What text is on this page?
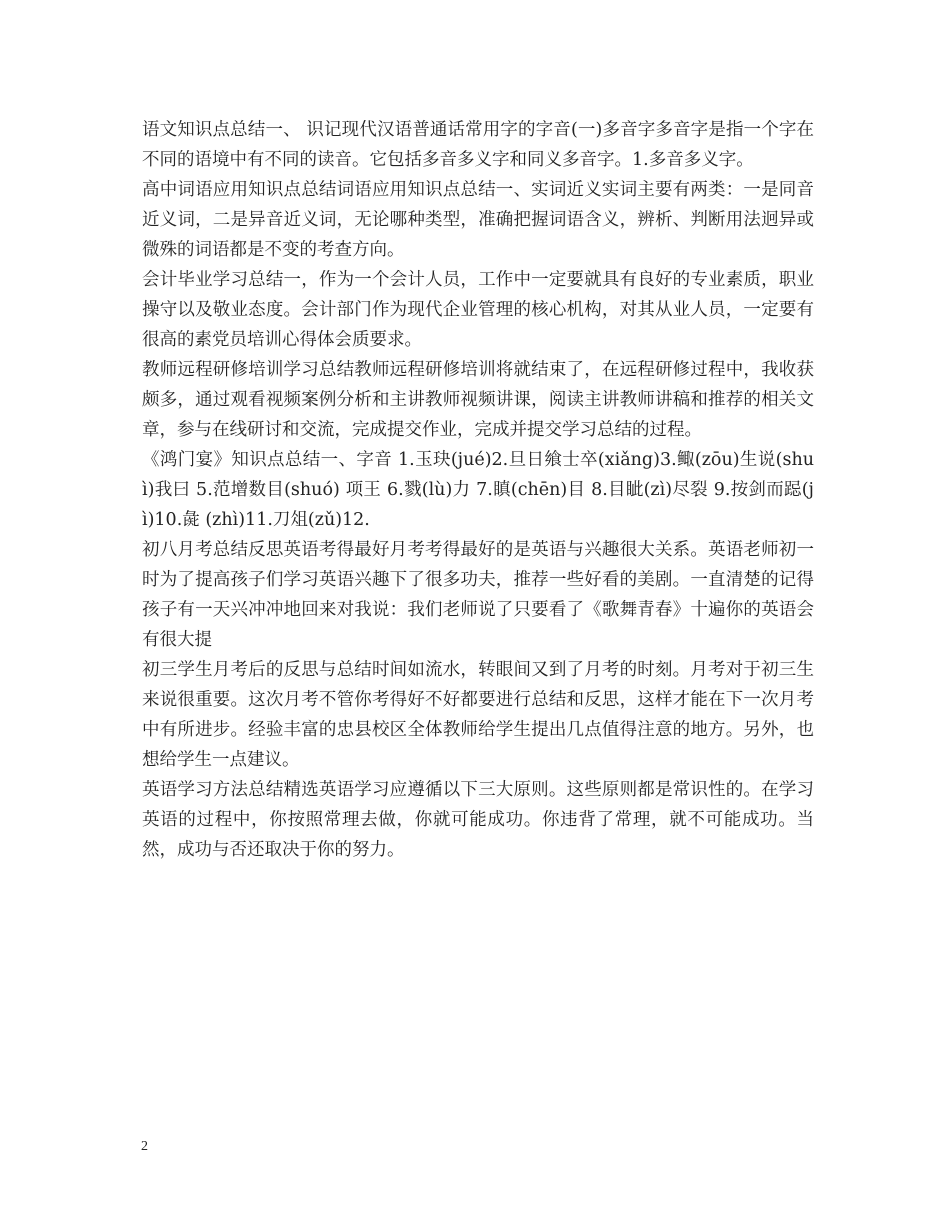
语文知识点总结一、 识记现代汉语普通话常用字的字音(一)多音字多音字是指一个字在不同的语境中有不同的读音。它包括多音多义字和同义多音字。1.多音多义字。

高中词语应用知识点总结词语应用知识点总结一、实词近义实词主要有两类：一是同音近义词，二是异音近义词，无论哪种类型，准确把握词语含义，辨析、判断用法迥异或微殊的词语都是不变的考查方向。

会计毕业学习总结一，作为一个会计人员，工作中一定要就具有良好的专业素质，职业操守以及敬业态度。会计部门作为现代企业管理的核心机构，对其从业人员，一定要有很高的素党员培训心得体会质要求。

教师远程研修培训学习总结教师远程研修培训将就结束了，在远程研修过程中，我收获颇多，通过观看视频案例分析和主讲教师视频讲课，阅读主讲教师讲稿和推荐的相关文章，参与在线研讨和交流，完成提交作业，完成并提交学习总结的过程。

《鸿门宴》知识点总结一、字音 1.玉玦(jué)2.旦日飨士卒(xiǎng)3.鲰(zōu)生说(shuì)我曰 5.范增数目(shuó) 项王 6.戮(lù)力 7.瞋(chēn)目 8.目眦(zì)尽裂 9.按剑而跽(jì)10.彘 (zhì)11.刀俎(zǔ)12.

初八月考总结反思英语考得最好月考考得最好的是英语与兴趣很大关系。英语老师初一时为了提高孩子们学习英语兴趣下了很多功夫，推荐一些好看的美剧。一直清楚的记得孩子有一天兴冲冲地回来对我说：我们老师说了只要看了《歌舞青春》十遍你的英语会有很大提

初三学生月考后的反思与总结时间如流水，转眼间又到了月考的时刻。月考对于初三生来说很重要。这次月考不管你考得好不好都要进行总结和反思，这样才能在下一次月考中有所进步。经验丰富的忠县校区全体教师给学生提出几点值得注意的地方。另外，也想给学生一点建议。

英语学习方法总结精选英语学习应遵循以下三大原则。这些原则都是常识性的。在学习英语的过程中，你按照常理去做，你就可能成功。你违背了常理，就不可能成功。当然，成功与否还取决于你的努力。

2
